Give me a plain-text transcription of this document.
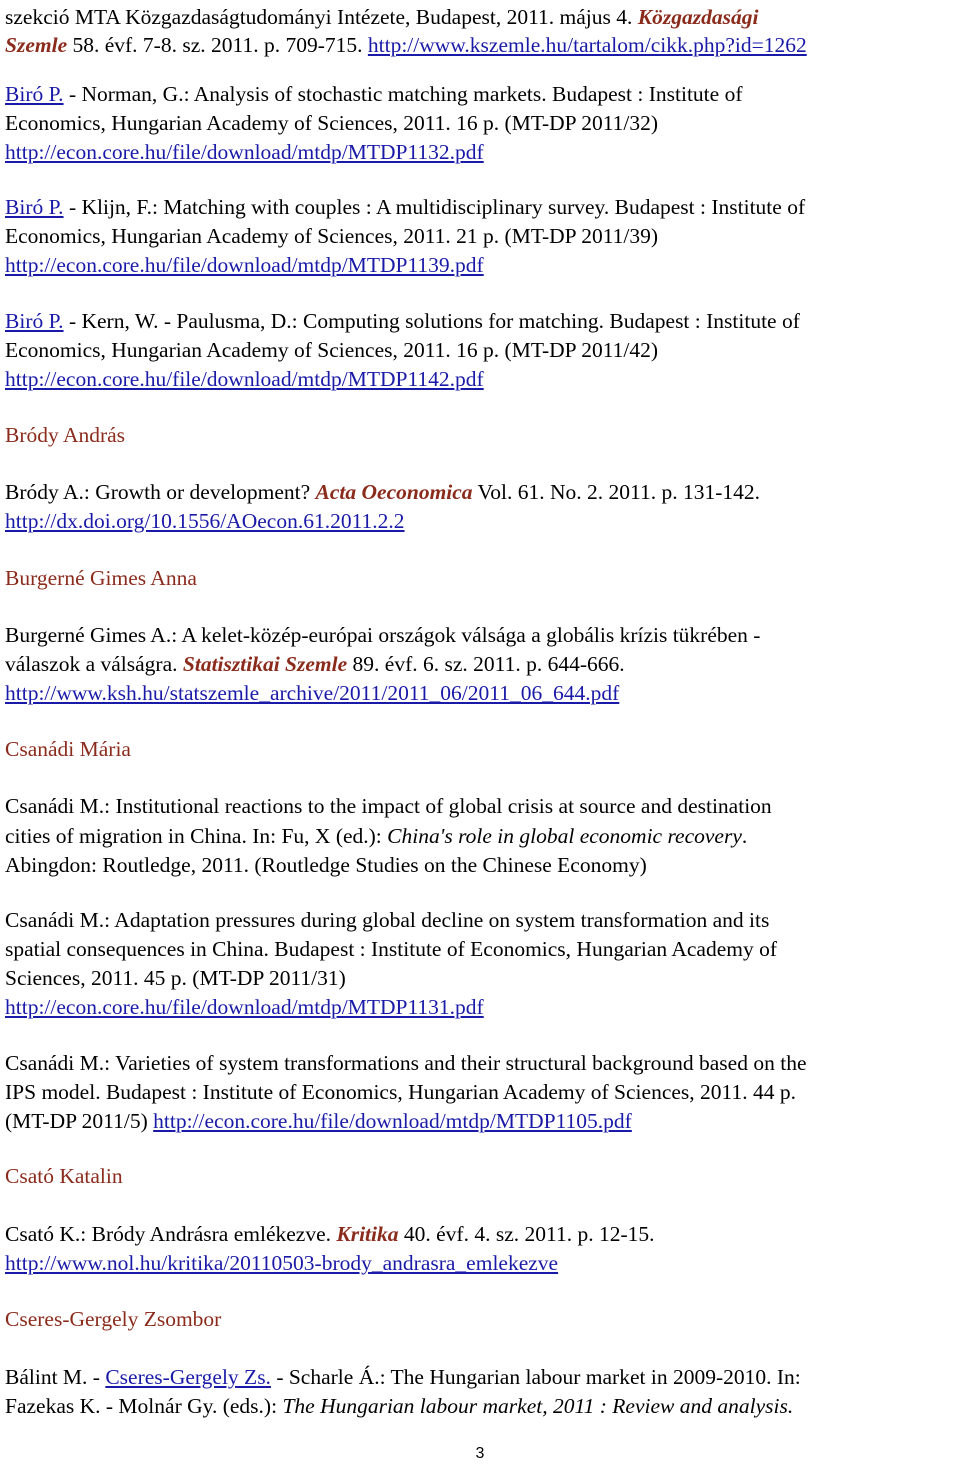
szekció MTA Közgazdaságtudományi Intézete, Budapest, 2011. május 4. Közgazdasági
Szemle 58. évf. 7-8. sz. 2011. p. 709-715. http://www.kszemle.hu/tartalom/cikk.php?id=1262
Biró P. - Norman, G.: Analysis of stochastic matching markets. Budapest : Institute of
Economics, Hungarian Academy of Sciences, 2011. 16 p. (MT-DP 2011/32)
http://econ.core.hu/file/download/mtdp/MTDP1132.pdf
Biró P. - Klijn, F.: Matching with couples : A multidisciplinary survey. Budapest : Institute of
Economics, Hungarian Academy of Sciences, 2011. 21 p. (MT-DP 2011/39)
http://econ.core.hu/file/download/mtdp/MTDP1139.pdf
Biró P. - Kern, W. - Paulusma, D.: Computing solutions for matching. Budapest : Institute of
Economics, Hungarian Academy of Sciences, 2011. 16 p. (MT-DP 2011/42)
http://econ.core.hu/file/download/mtdp/MTDP1142.pdf
Bródy András
Bródy A.: Growth or development? Acta Oeconomica Vol. 61. No. 2. 2011. p. 131-142.
http://dx.doi.org/10.1556/AOecon.61.2011.2.2
Burgerné Gimes Anna
Burgerné Gimes A.: A kelet-közép-európai országok válsága a globális krízis tükrében -
válaszok a válságra. Statisztikai Szemle 89. évf. 6. sz. 2011. p. 644-666.
http://www.ksh.hu/statszemle_archive/2011/2011_06/2011_06_644.pdf
Csanádi Mária
Csanádi M.: Institutional reactions to the impact of global crisis at source and destination
cities of migration in China. In: Fu, X (ed.): China's role in global economic recovery.
Abingdon: Routledge, 2011. (Routledge Studies on the Chinese Economy)
Csanádi M.: Adaptation pressures during global decline on system transformation and its
spatial consequences in China. Budapest : Institute of Economics, Hungarian Academy of
Sciences, 2011. 45 p. (MT-DP 2011/31)
http://econ.core.hu/file/download/mtdp/MTDP1131.pdf
Csanádi M.: Varieties of system transformations and their structural background based on the
IPS model. Budapest : Institute of Economics, Hungarian Academy of Sciences, 2011. 44 p.
(MT-DP 2011/5) http://econ.core.hu/file/download/mtdp/MTDP1105.pdf
Csató Katalin
Csató K.: Bródy Andrásra emlékezve. Kritika 40. évf. 4. sz. 2011. p. 12-15.
http://www.nol.hu/kritika/20110503-brody_andrasra_emlekezve
Cseres-Gergely Zsombor
Bálint M. - Cseres-Gergely Zs. - Scharle Á.: The Hungarian labour market in 2009-2010. In:
Fazekas K. - Molnár Gy. (eds.): The Hungarian labour market, 2011 : Review and analysis.
3
